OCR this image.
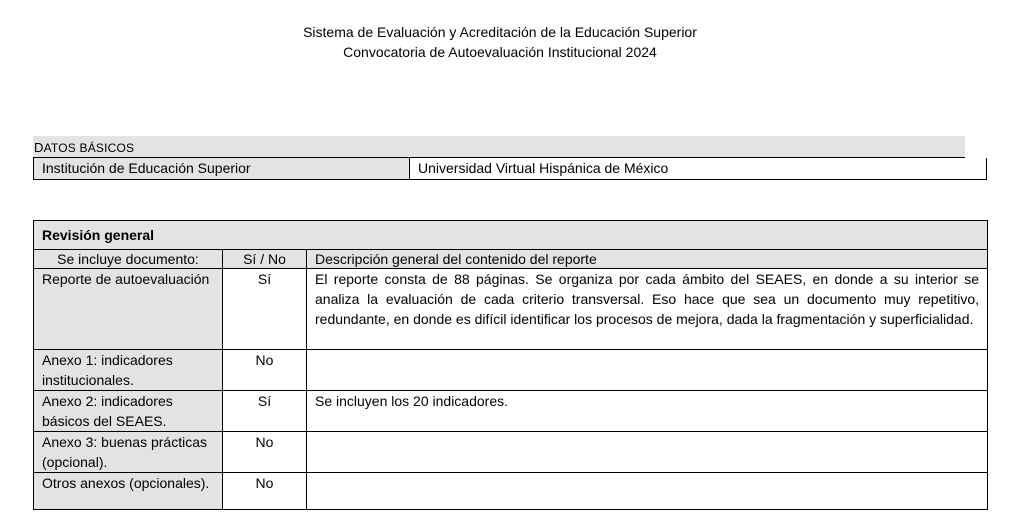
Sistema de Evaluación y Acreditación de la Educación Superior
Convocatoria de Autoevaluación Institucional 2024
DATOS BÁSICOS
Institución de Educación Superior	Universidad Virtual Hispánica de México
Revisión general		
Se incluye documento:	Sí / No	Descripción general del contenido del reporte
Reporte de autoevaluación	Sí	El reporte consta de 88 páginas. Se organiza por cada ámbito del SEAES, en donde a su interior se analiza la evaluación de cada criterio transversal. Eso hace que sea un documento muy repetitivo, redundante, en donde es difícil identificar los procesos de mejora, dada la fragmentación y superficialidad.
Anexo 1: indicadores institucionales.	No	
Anexo 2: indicadores básicos del SEAES.	Sí	Se incluyen los 20 indicadores.
Anexo 3: buenas prácticas (opcional).	No	
Otros anexos (opcionales).	No	
